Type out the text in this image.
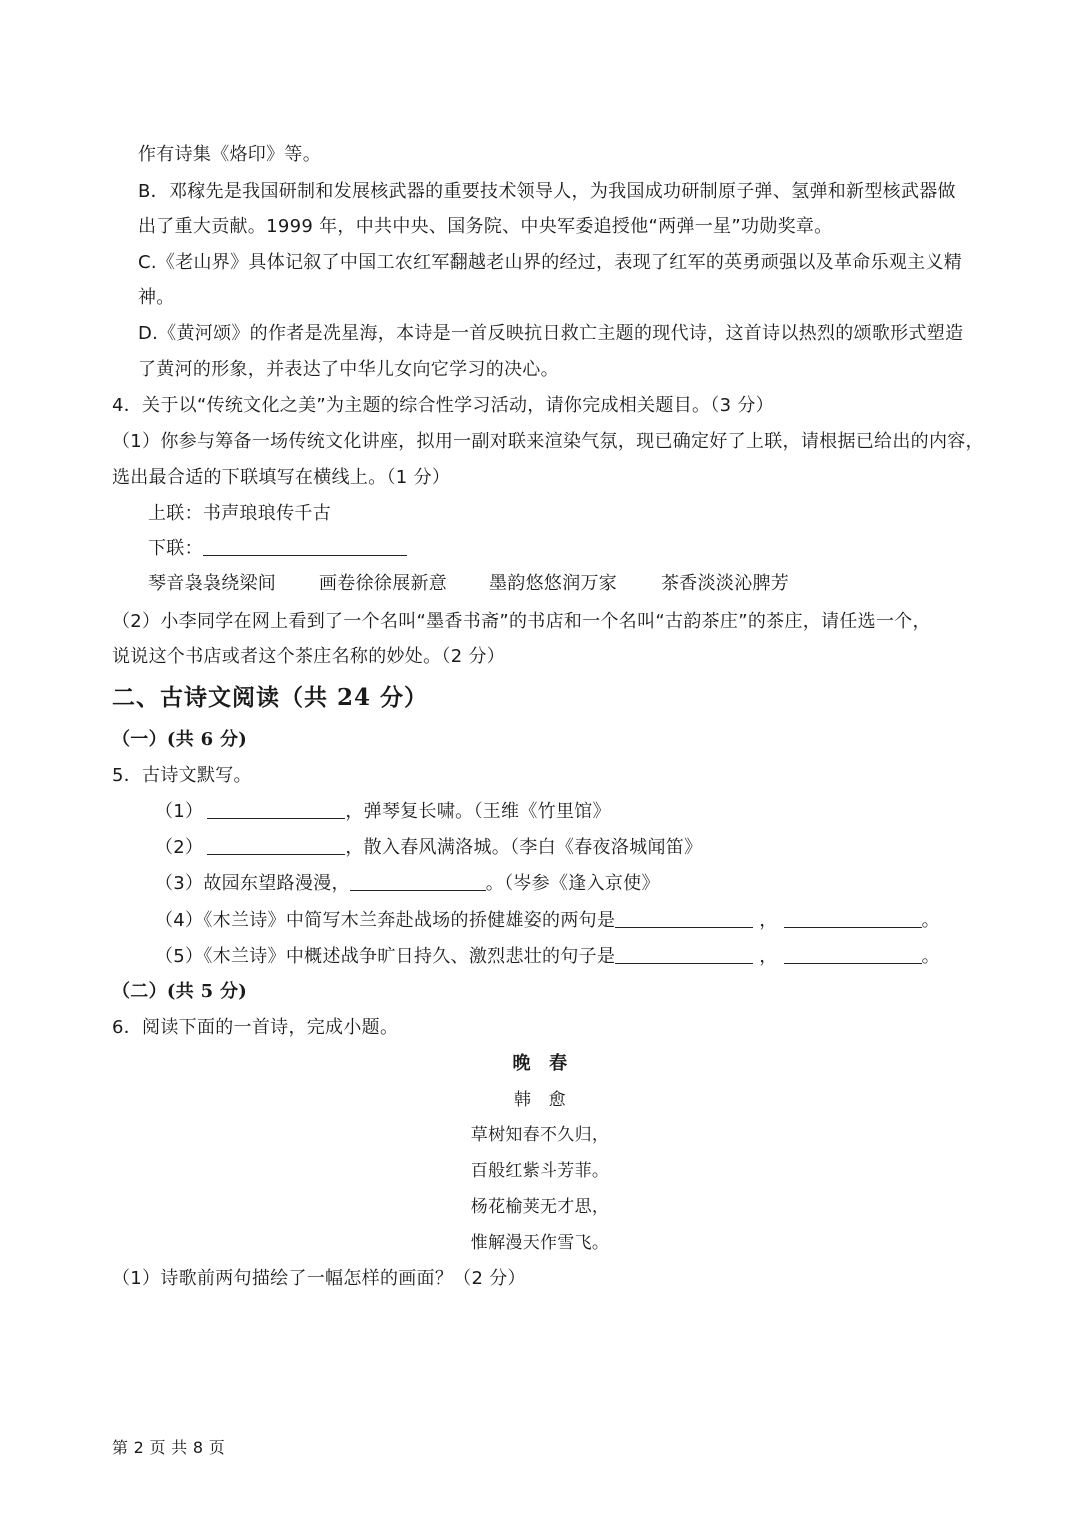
作有诗集《烙印》等。
B．邓稼先是我国研制和发展核武器的重要技术领导人，为我国成功研制原子弹、氢弹和新型核武器做
出了重大贡献。1999 年，中共中央、国务院、中央军委追授他“两弹一星”功勋奖章。
C.《老山界》具体记叙了中国工农红军翻越老山界的经过，表现了红军的英勇顽强以及革命乐观主义精
神。
D.《黄河颂》的作者是冼星海，本诗是一首反映抗日救亡主题的现代诗，这首诗以热烈的颂歌形式塑造
了黄河的形象，并表达了中华儿女向它学习的决心。
4．关于以“传统文化之美”为主题的综合性学习活动，请你完成相关题目。（3 分）
（1）你参与筹备一场传统文化讲座，拟用一副对联来渲染气氛，现已确定好了上联，请根据已给出的内容，
选出最合适的下联填写在横线上。（1 分）
上联：书声琅琅传千古
下联：
琴音袅袅绕梁间 画卷徐徐展新意 墨韵悠悠润万家 茶香淡淡沁脾芳
（2）小李同学在网上看到了一个名叫“墨香书斋”的书店和一个名叫“古韵茶庄”的茶庄，请任选一个，
说说这个书店或者这个茶庄名称的妙处。（2 分）
二、古诗文阅读（共 24 分）
（一）(共 6 分)
5．古诗文默写。
（1）	，弹琴复长啸。（王维《竹里馆》
（2）	，散入春风满洛城。（李白《春夜洛城闻笛》
（3）故园东望路漫漫，	。（岑参《逢入京使》
（4）《木兰诗》中简写木兰奔赴战场的挢健雄姿的两句是	，	。
（5）《木兰诗》中概述战争旷日持久、激烈悲壮的句子是	，	。
（二）(共 5 分)
6．阅读下面的一首诗，完成小题。
晚　春
韩　愈
草树知春不久归，
百般红紫斗芳菲。
杨花榆荚无才思，
惟解漫天作雪飞。
（1）诗歌前两句描绘了一幅怎样的画面？（2 分）
第 2 页 共 8 页
